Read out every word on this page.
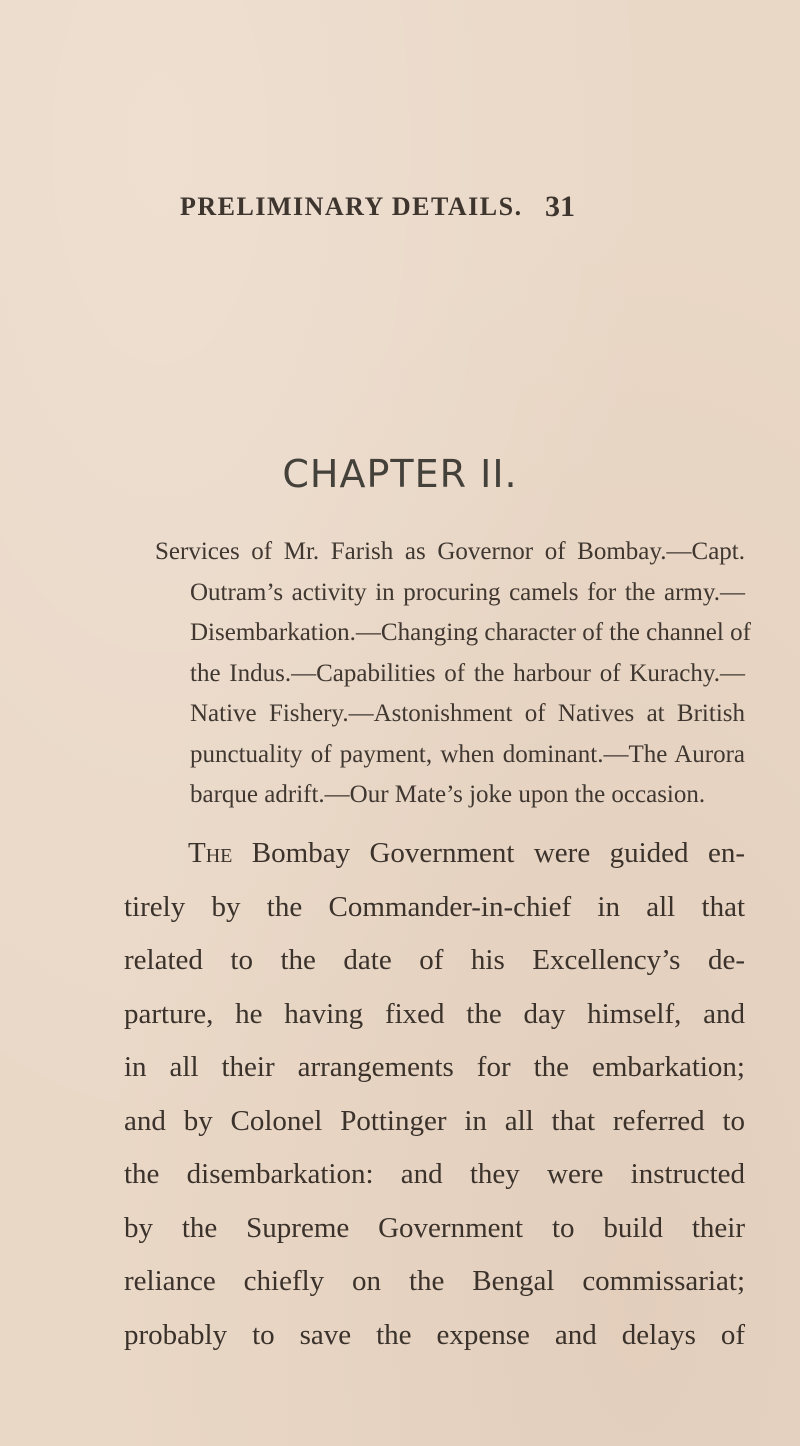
PRELIMINARY DETAILS. 31
CHAPTER II.
Services of Mr. Farish as Governor of Bombay.—Capt.
Outram’s activity in procuring camels for the army.—
Disembarkation.—Changing character of the channel of
the Indus.—Capabilities of the harbour of Kurachy.—
Native Fishery.—Astonishment of Natives at British
punctuality of payment, when dominant.—The Aurora
barque adrift.—Our Mate’s joke upon the occasion.
The Bombay Government were guided en-
tirely by the Commander-in-chief in all that
related to the date of his Excellency’s de-
parture, he having fixed the day himself, and
in all their arrangements for the embarkation;
and by Colonel Pottinger in all that referred to
the disembarkation: and they were instructed
by the Supreme Government to build their
reliance chiefly on the Bengal commissariat;
probably to save the expense and delays of
